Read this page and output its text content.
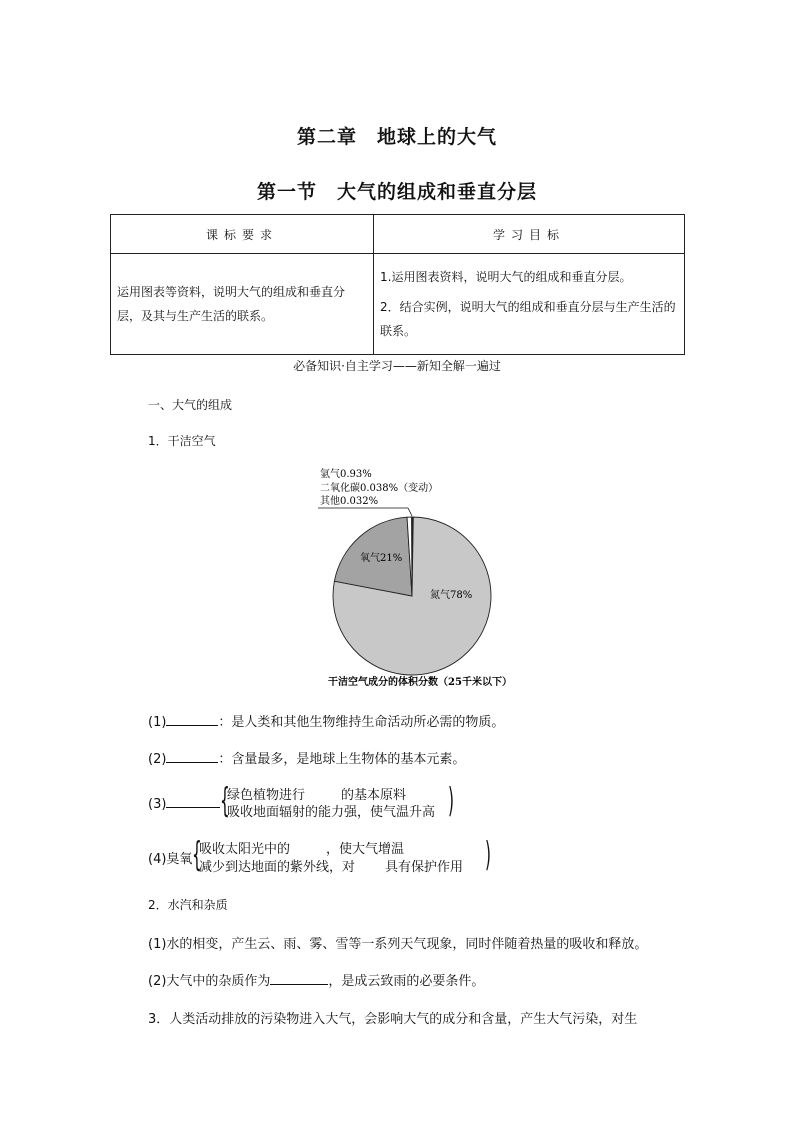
第二章　地球上的大气
第一节　大气的组成和垂直分层
课标要求	学习目标
运用图表等资料，说明大气的组成和垂直分层，及其与生产生活的联系。	1.运用图表资料，说明大气的组成和垂直分层。
2．结合实例，说明大气的组成和垂直分层与生产生活的联系。
必备知识·自主学习——新知全解一遍过
一、大气的组成
1．干洁空气
氩气0.93%
二氧化碳0.038%（变动）
其他0.032%
氧气21%
氮气78%
干洁空气成分的体积分数（25千米以下）
(1)	：是人类和其他生物维持生命活动所必需的物质。
(2)	：含量最多，是地球上生物体的基本元素。
(3)	{
绿色植物进行	的基本原料
吸收地面辐射的能力强，使气温升高 )
(4)臭氧 {
吸收太阳光中的	，使大气增温
减少到达地面的紫外线，对 具有保护作用 )
2．水汽和杂质
(1)水的相变，产生云、雨、雾、雪等一系列天气现象，同时伴随着热量的吸收和释放。
(2)大气中的杂质作为	，是成云致雨的必要条件。
3．人类活动排放的污染物进入大气，会影响大气的成分和含量，产生大气污染，对生
